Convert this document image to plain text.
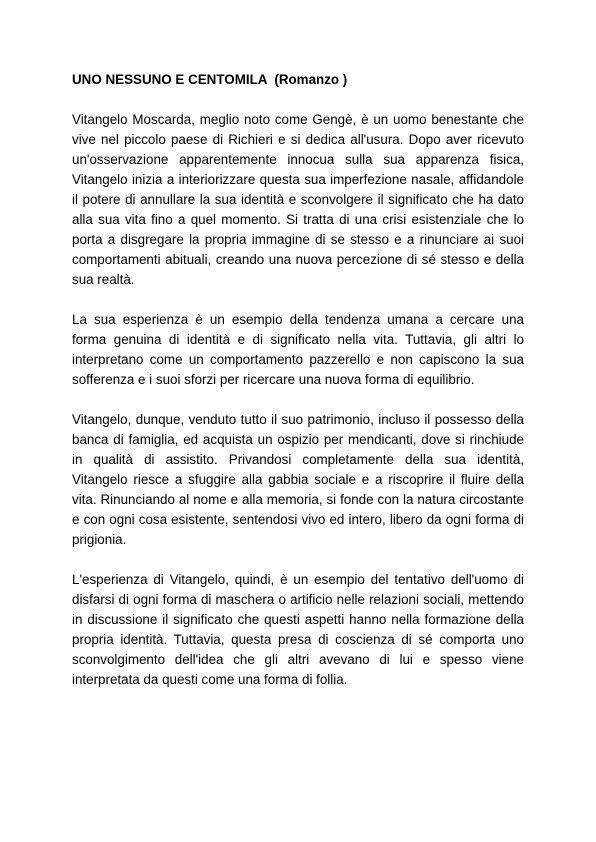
UNO NESSUNO E CENTOMILA  (Romanzo )

Vitangelo Moscarda, meglio noto come Gengè, è un uomo benestante che vive nel piccolo paese di Richieri e si dedica all'usura. Dopo aver ricevuto un'osservazione apparentemente innocua sulla sua apparenza fisica, Vitangelo inizia a interiorizzare questa sua imperfezione nasale, affidandole il potere di annullare la sua identità e sconvolgere il significato che ha dato alla sua vita fino a quel momento. Si tratta di una crisi esistenziale che lo porta a disgregare la propria immagine di se stesso e a rinunciare ai suoi comportamenti abituali, creando una nuova percezione di sé stesso e della sua realtà.

La sua esperienza è un esempio della tendenza umana a cercare una forma genuina di identità e di significato nella vita. Tuttavia, gli altri lo interpretano come un comportamento pazzerello e non capiscono la sua sofferenza e i suoi sforzi per ricercare una nuova forma di equilibrio.

Vitangelo, dunque, venduto tutto il suo patrimonio, incluso il possesso della banca di famiglia, ed acquista un ospizio per mendicanti, dove si rinchiude in qualità di assistito. Privandosi completamente della sua identità, Vitangelo riesce a sfuggire alla gabbia sociale e a riscoprire il fluire della vita. Rinunciando al nome e alla memoria, si fonde con la natura circostante e con ogni cosa esistente, sentendosi vivo ed intero, libero da ogni forma di prigionia.

L'esperienza di Vitangelo, quindi, è un esempio del tentativo dell'uomo di disfarsi di ogni forma di maschera o artificio nelle relazioni sociali, mettendo in discussione il significato che questi aspetti hanno nella formazione della propria identità. Tuttavia, questa presa di coscienza di sé comporta uno sconvolgimento dell'idea che gli altri avevano di lui e spesso viene interpretata da questi come una forma di follia.
